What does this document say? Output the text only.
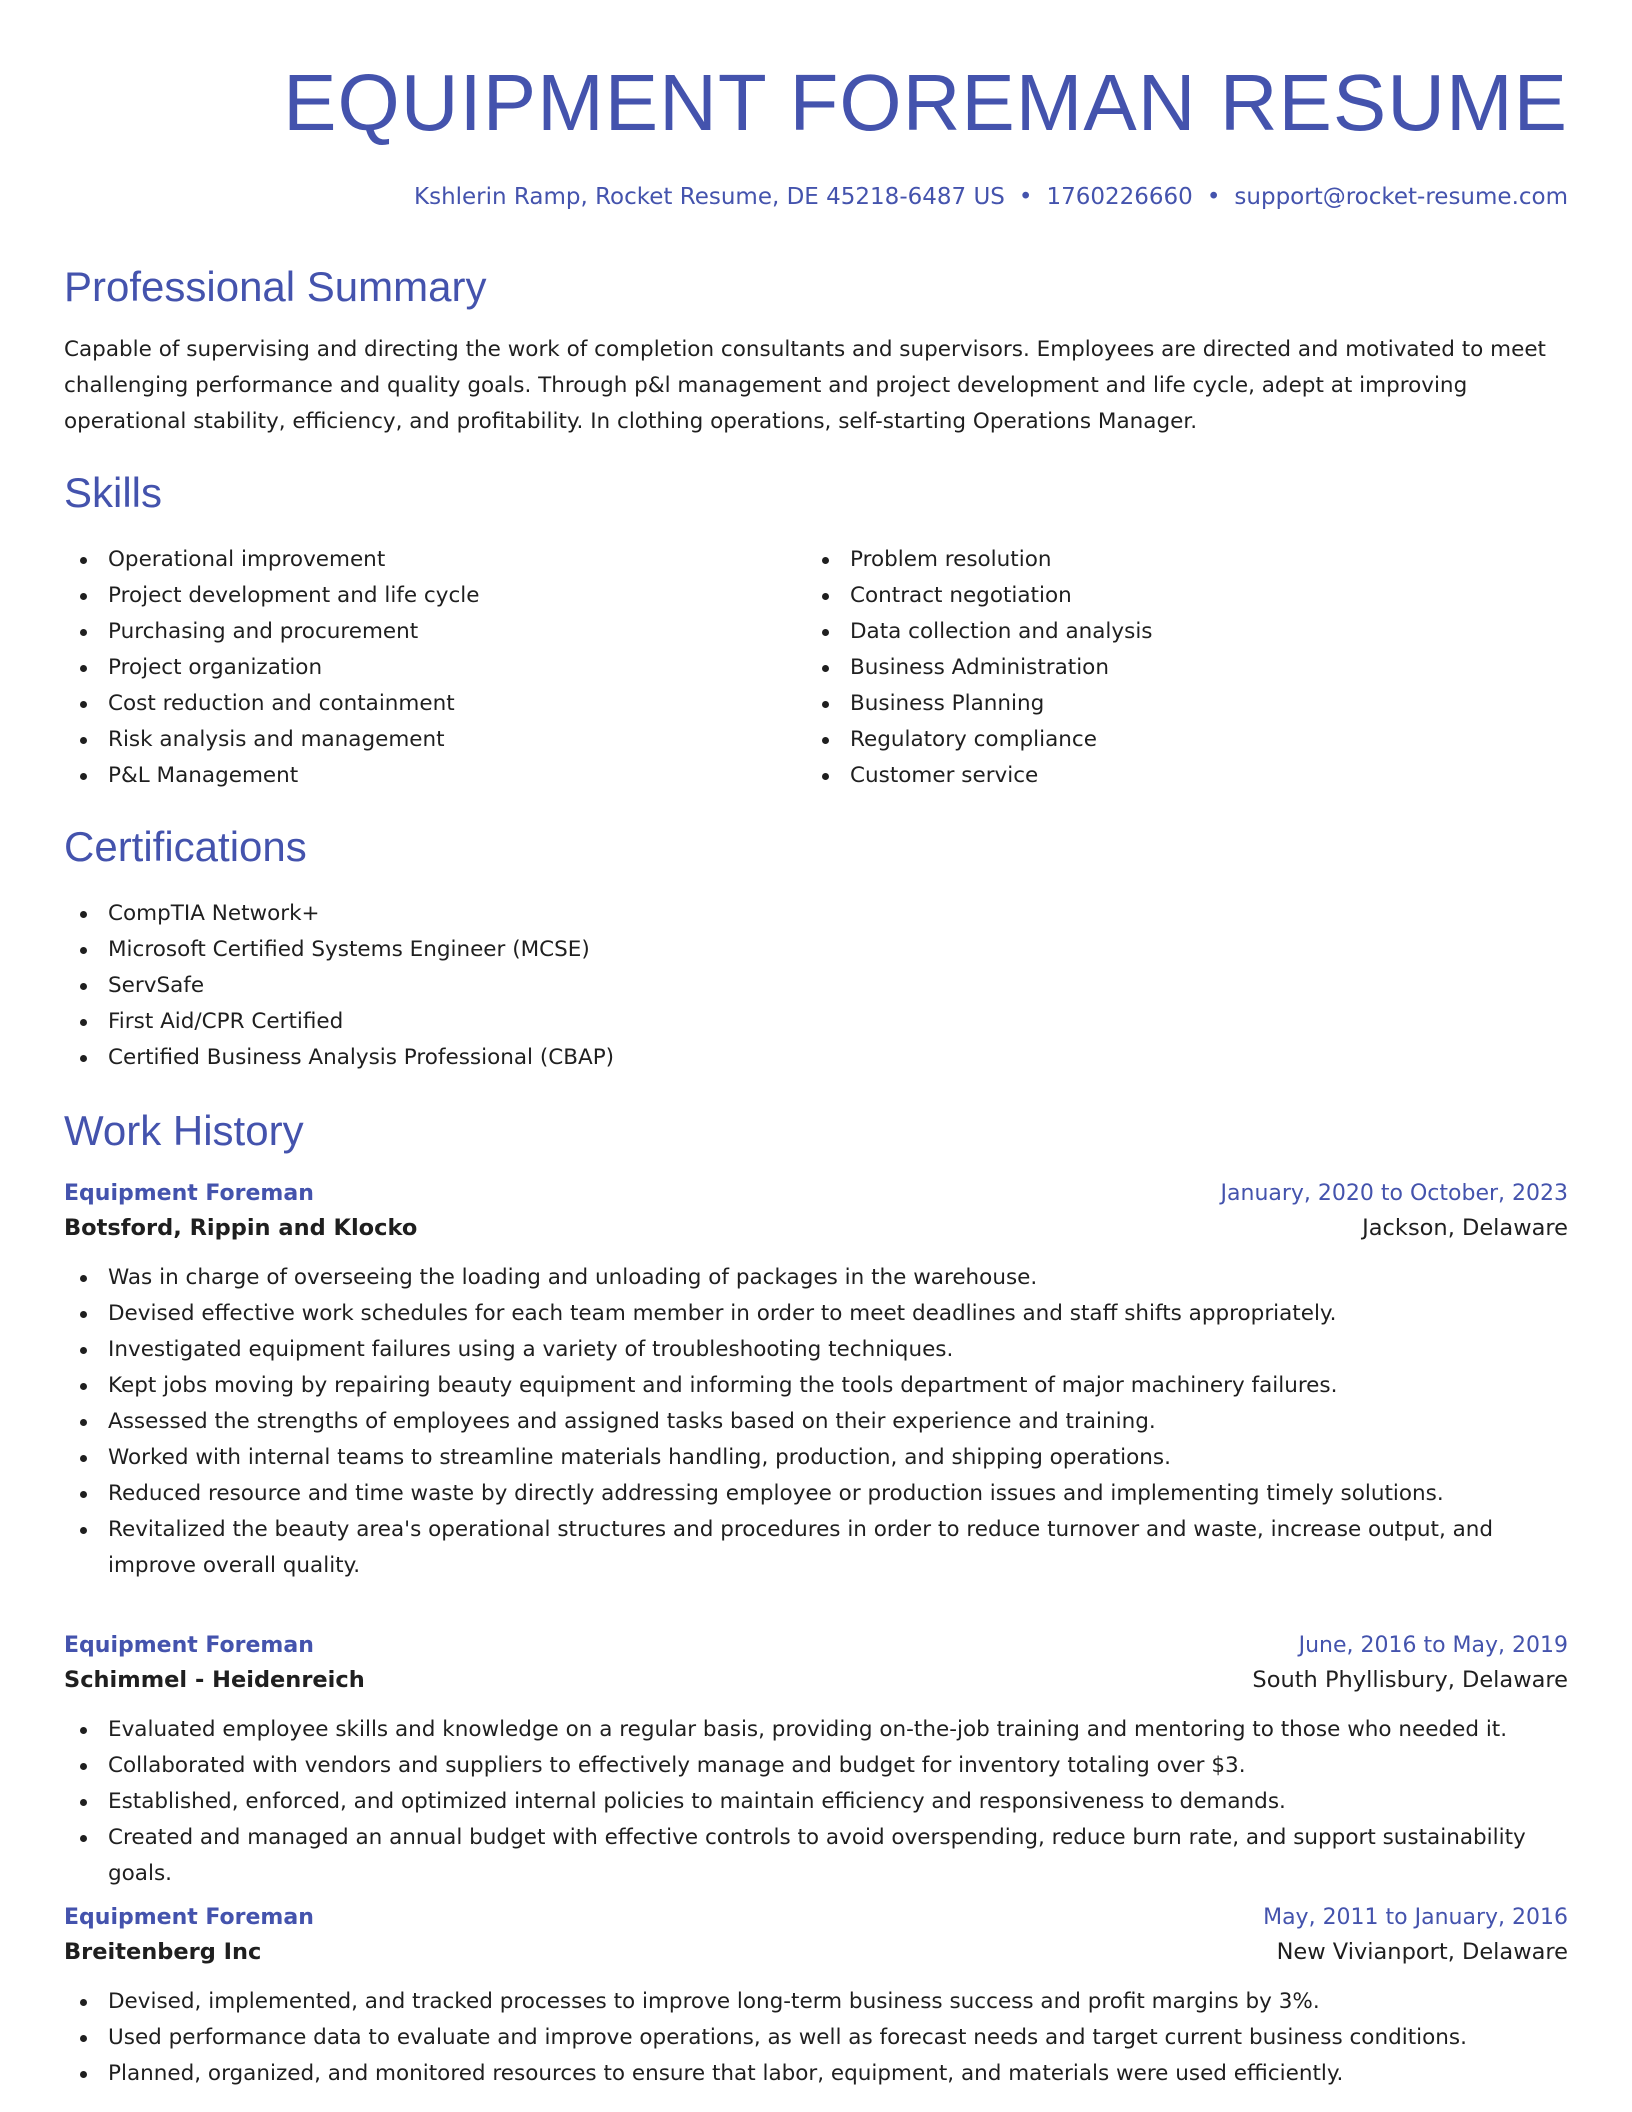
EQUIPMENT FOREMAN RESUME
Kshlerin Ramp, Rocket Resume, DE 45218-6487 US • 1760226660 • support@rocket-resume.com
Professional Summary

Capable of supervising and directing the work of completion consultants and supervisors. Employees are directed and motivated to meet challenging performance and quality goals. Through p&l management and project development and life cycle, adept at improving operational stability, efficiency, and profitability. In clothing operations, self-starting Operations Manager.

Skills
Operational improvement
Project development and life cycle
Purchasing and procurement
Project organization
Cost reduction and containment
Risk analysis and management
P&L Management
Problem resolution
Contract negotiation
Data collection and analysis
Business Administration
Business Planning
Regulatory compliance
Customer service
Certifications
CompTIA Network+
Microsoft Certified Systems Engineer (MCSE)
ServSafe
First Aid/CPR Certified
Certified Business Analysis Professional (CBAP)
Work History
Equipment Foreman	January, 2020 to October, 2023
Botsford, Rippin and Klocko	Jackson, Delaware
Was in charge of overseeing the loading and unloading of packages in the warehouse.
Devised effective work schedules for each team member in order to meet deadlines and staff shifts appropriately.
Investigated equipment failures using a variety of troubleshooting techniques.
Kept jobs moving by repairing beauty equipment and informing the tools department of major machinery failures.
Assessed the strengths of employees and assigned tasks based on their experience and training.
Worked with internal teams to streamline materials handling, production, and shipping operations.
Reduced resource and time waste by directly addressing employee or production issues and implementing timely solutions.
Revitalized the beauty area's operational structures and procedures in order to reduce turnover and waste, increase output, and improve overall quality.
Equipment Foreman	June, 2016 to May, 2019
Schimmel - Heidenreich	South Phyllisbury, Delaware
Evaluated employee skills and knowledge on a regular basis, providing on-the-job training and mentoring to those who needed it.
Collaborated with vendors and suppliers to effectively manage and budget for inventory totaling over $3.
Established, enforced, and optimized internal policies to maintain efficiency and responsiveness to demands.
Created and managed an annual budget with effective controls to avoid overspending, reduce burn rate, and support sustainability goals.
Equipment Foreman	May, 2011 to January, 2016
Breitenberg Inc	New Vivianport, Delaware
Devised, implemented, and tracked processes to improve long-term business success and profit margins by 3%.
Used performance data to evaluate and improve operations, as well as forecast needs and target current business conditions.
Planned, organized, and monitored resources to ensure that labor, equipment, and materials were used efficiently.
